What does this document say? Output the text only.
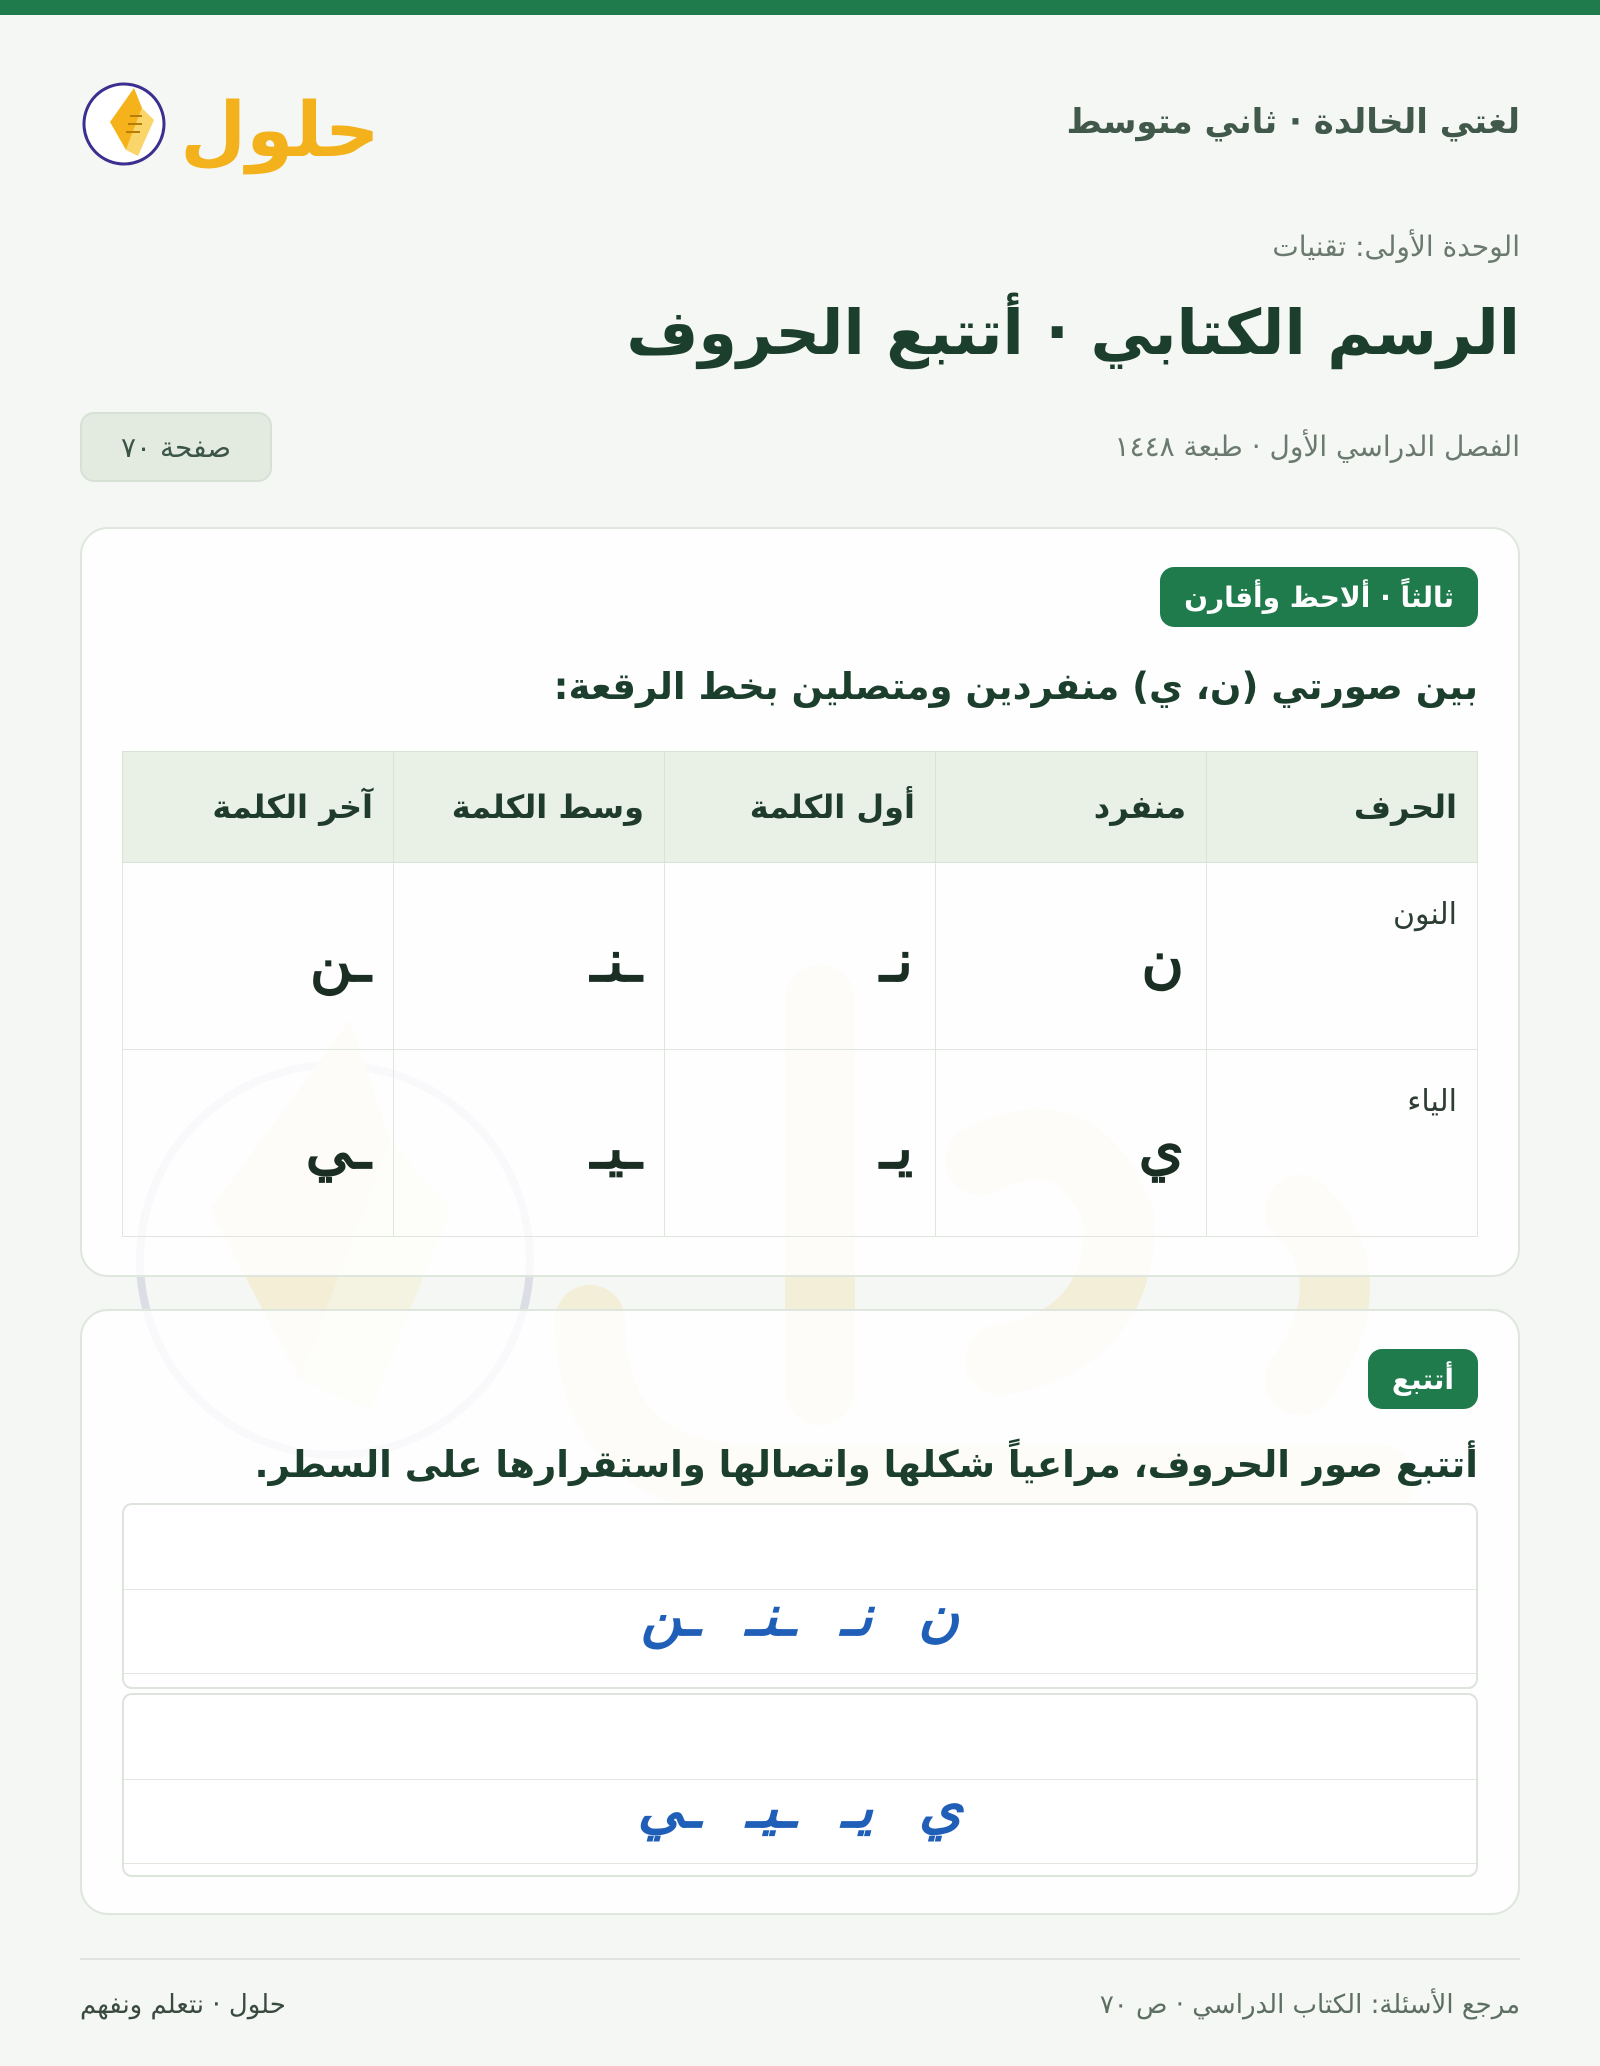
لغتي الخالدة · ثاني متوسط
حلول
الوحدة الأولى: تقنيات
الرسم الكتابي · أتتبع الحروف
الفصل الدراسي الأول · طبعة ١٤٤٨
صفحة ٧٠
ثالثاً · ألاحظ وأقارن
بين صورتي (ن، ي) منفردين ومتصلين بخط الرقعة:
الحرف	منفرد	أول الكلمة	وسط الكلمة	آخر الكلمة

النون	ن	نـ	ـنـ	ـن

الياء	ي	يـ	ـيـ	ـي
أتتبع
أتتبع صور الحروف، مراعياً شكلها واتصالها واستقرارها على السطر.
ن نـ ـنـ ـن
ي يـ ـيـ ـي
مرجع الأسئلة: الكتاب الدراسي · ص ٧٠
حلول · نتعلم ونفهم
